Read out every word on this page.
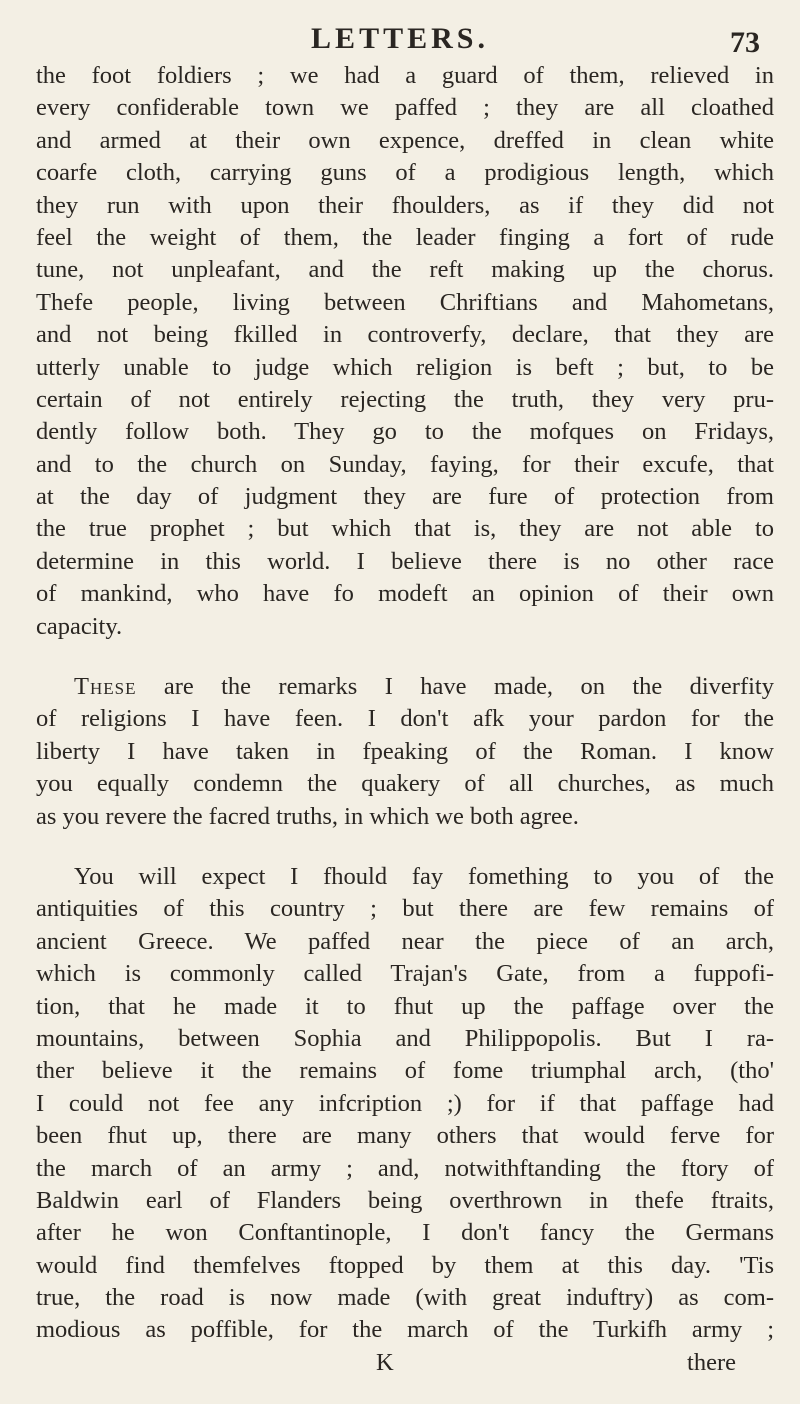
LETTERS.	73
the foot foldiers ; we had a guard of them, relieved in
every confiderable town we paffed ; they are all cloathed
and armed at their own expence, dreffed in clean white
coarfe cloth, carrying guns of a prodigious length, which
they run with upon their fhoulders, as if they did not
feel the weight of them, the leader finging a fort of rude
tune, not unpleafant, and the reft making up the chorus.
Thefe people, living between Chriftians and Mahometans,
and not being fkilled in controverfy, declare, that they are
utterly unable to judge which religion is beft ; but, to be
certain of not entirely rejecting the truth, they very pru-
dently follow both. They go to the mofques on Fridays,
and to the church on Sunday, faying, for their excufe, that
at the day of judgment they are fure of protection from
the true prophet ; but which that is, they are not able to
determine in this world. I believe there is no other race
of mankind, who have fo modeft an opinion of their own
capacity.
These are the remarks I have made, on the diverfity
of religions I have feen. I don't afk your pardon for the
liberty I have taken in fpeaking of the Roman. I know
you equally condemn the quakery of all churches, as much
as you revere the facred truths, in which we both agree.
You will expect I fhould fay fomething to you of the
antiquities of this country ; but there are few remains of
ancient Greece. We paffed near the piece of an arch,
which is commonly called Trajan's Gate, from a fuppofi-
tion, that he made it to fhut up the paffage over the
mountains, between Sophia and Philippopolis. But I ra-
ther believe it the remains of fome triumphal arch, (tho'
I could not fee any infcription ;) for if that paffage had
been fhut up, there are many others that would ferve for
the march of an army ; and, notwithftanding the ftory of
Baldwin earl of Flanders being overthrown in thefe ftraits,
after he won Conftantinople, I don't fancy the Germans
would find themfelves ftopped by them at this day. 'Tis
true, the road is now made (with great induftry) as com-
modious as poffible, for the march of the Turkifh army ;
K	there
